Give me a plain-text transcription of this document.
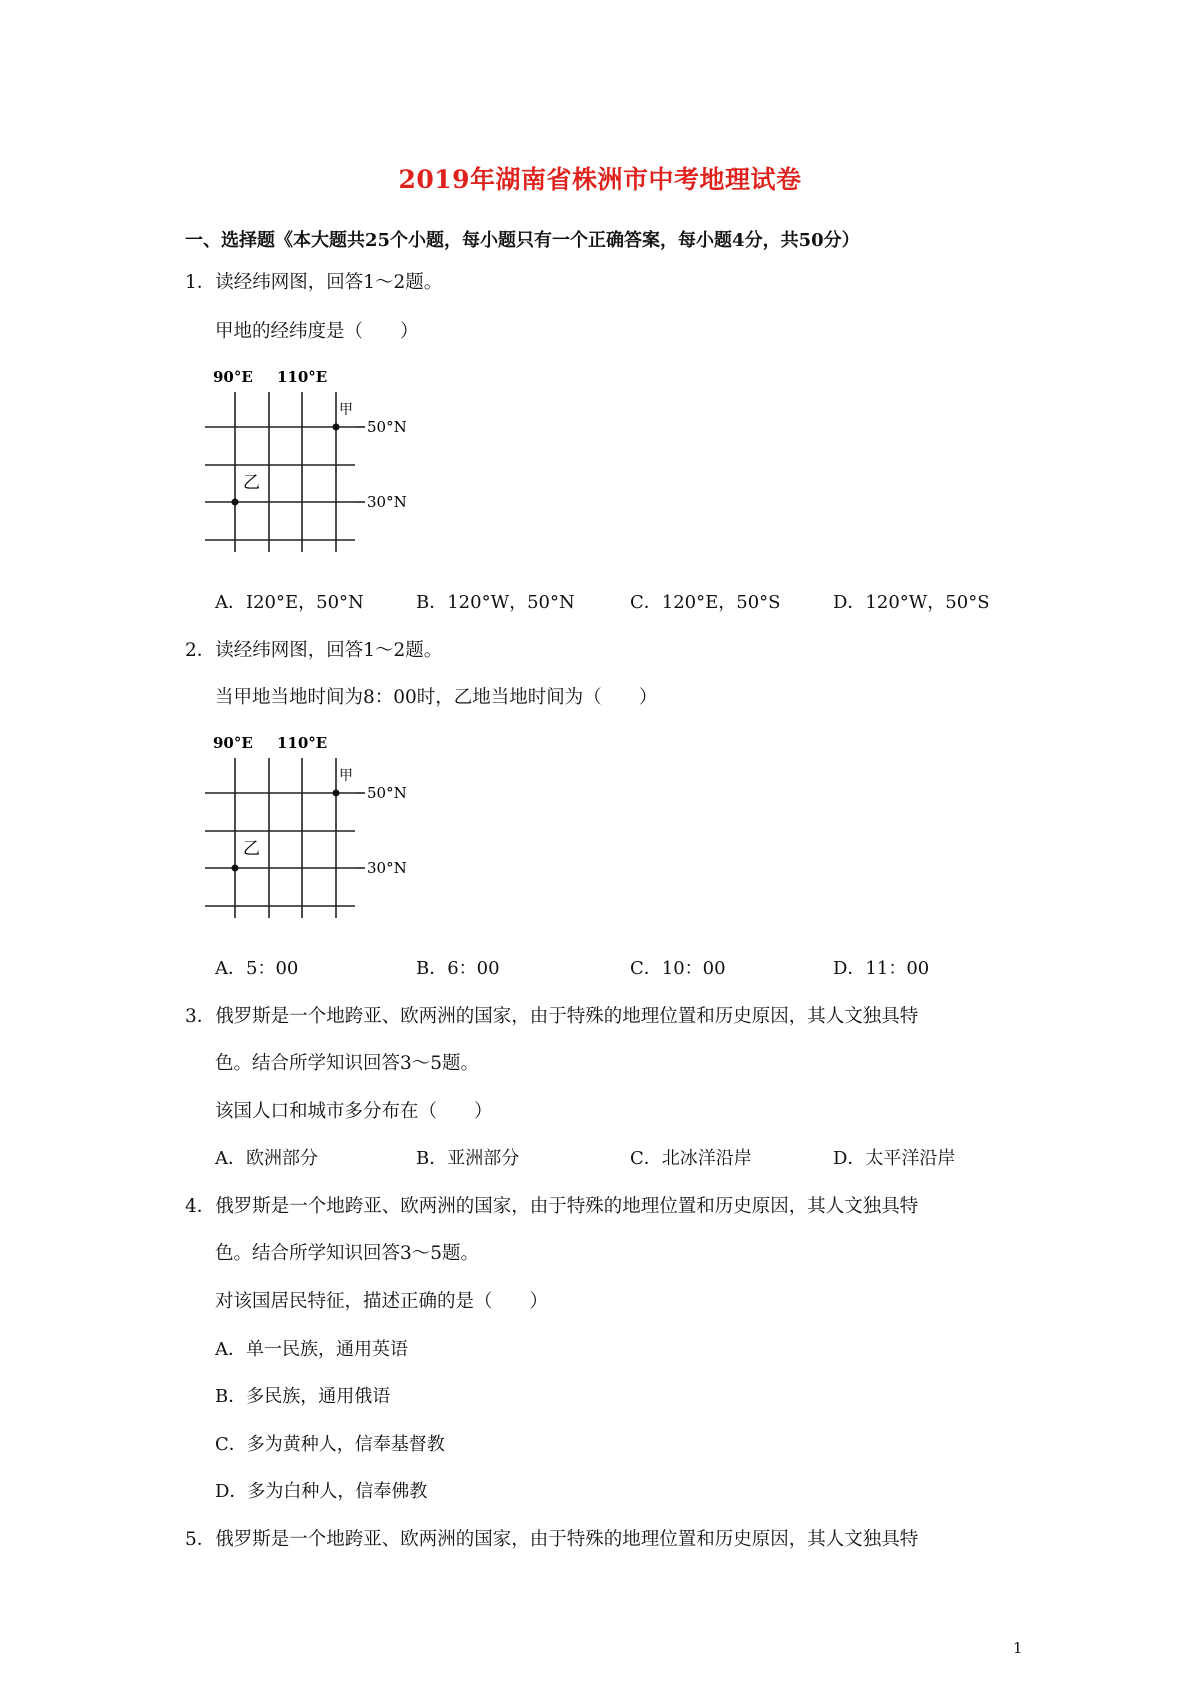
2019年湖南省株洲市中考地理试卷
一、选择题《本大题共25个小题，每小题只有一个正确答案，每小题4分，共50分）
1．读经纬网图，回答1～2题。
甲地的经纬度是（　　）
90°E 110°E
甲
50°N
乙
30°N
A．I20°E，50°N	B．120°W，50°N	C．120°E，50°S	D．120°W，50°S
2．读经纬网图，回答1～2题。
当甲地当地时间为8：00时，乙地当地时间为（　　）
90°E 110°E
甲
50°N
乙
30°N
A．5：00	B．6：00	C．10：00	D．11：00
3．俄罗斯是一个地跨亚、欧两洲的国家，由于特殊的地理位置和历史原因，其人文独具特
色。结合所学知识回答3～5题。
该国人口和城市多分布在（　　）
A．欧洲部分	B．亚洲部分	C．北冰洋沿岸	D．太平洋沿岸
4．俄罗斯是一个地跨亚、欧两洲的国家，由于特殊的地理位置和历史原因，其人文独具特
色。结合所学知识回答3～5题。
对该国居民特征，描述正确的是（　　）
A．单一民族，通用英语
B．多民族，通用俄语
C．多为黄种人，信奉基督教
D．多为白种人，信奉佛教
5．俄罗斯是一个地跨亚、欧两洲的国家，由于特殊的地理位置和历史原因，其人文独具特
1
